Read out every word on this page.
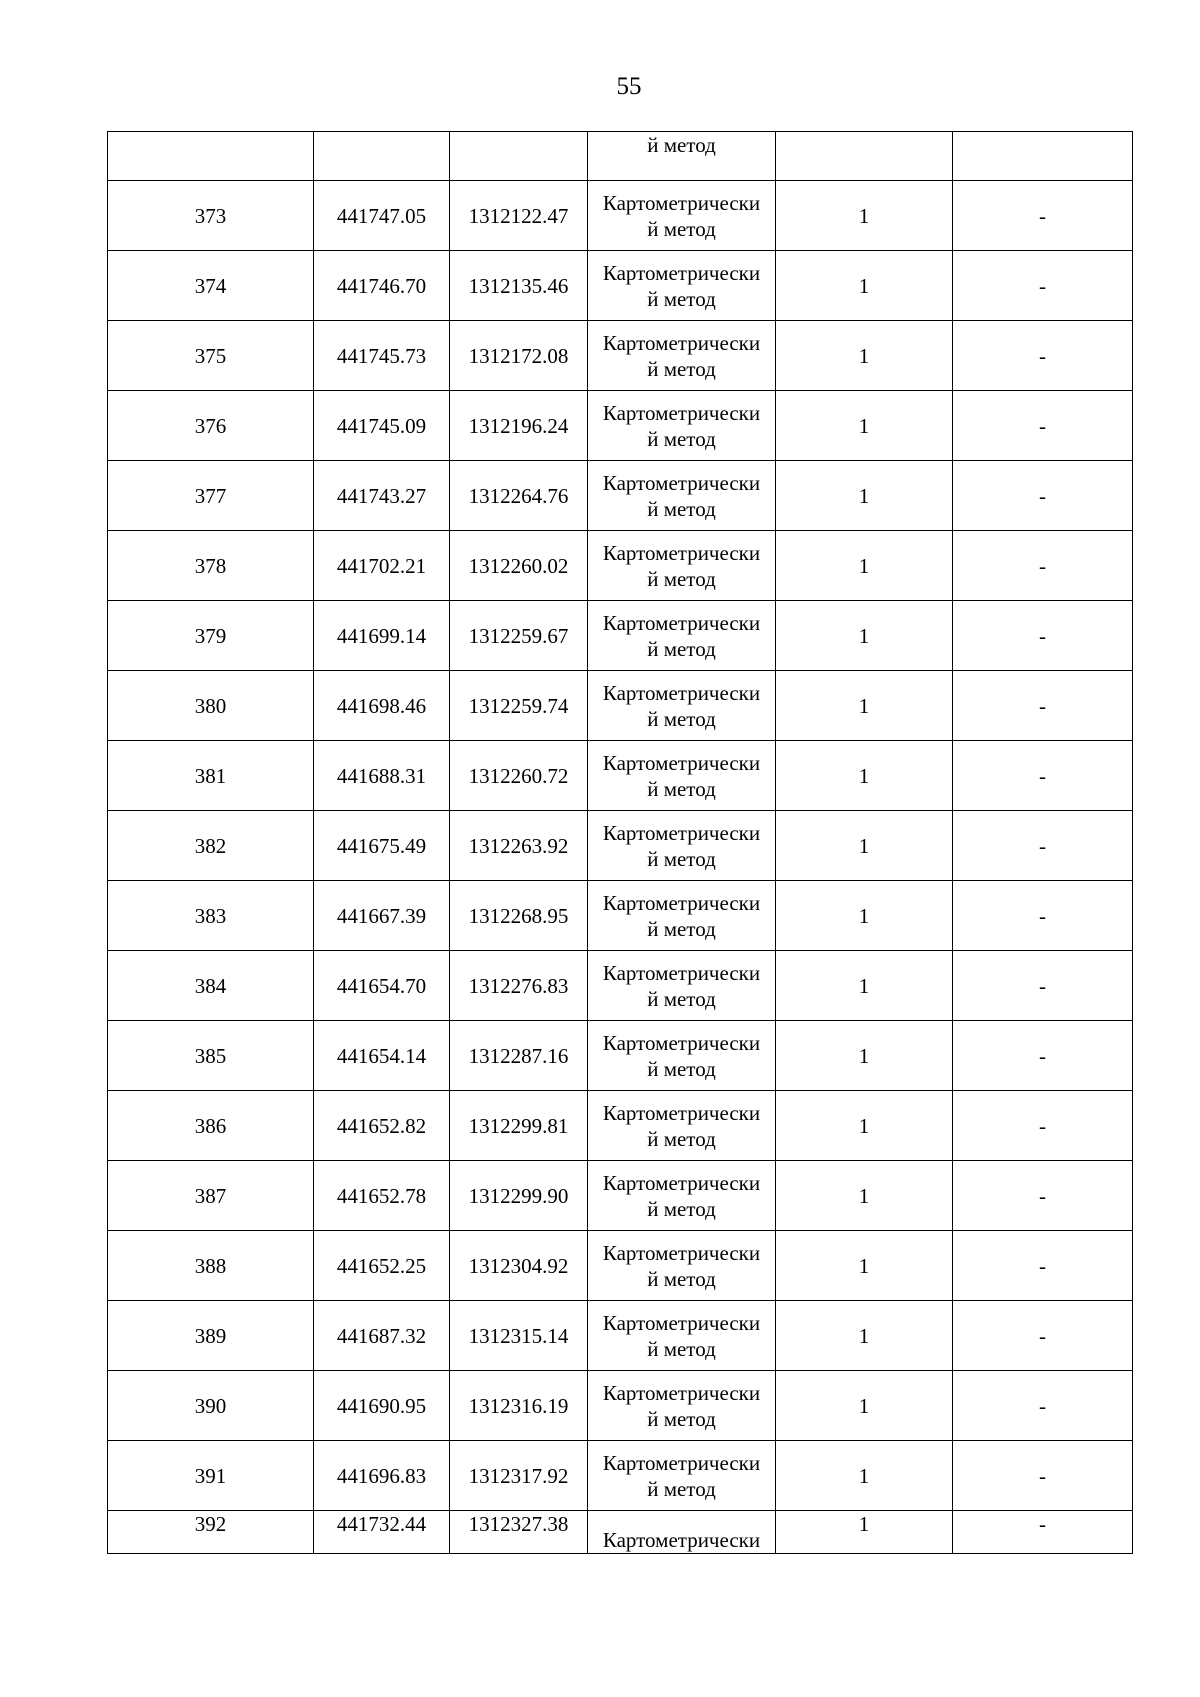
55

			й метод		

373	441747.05	1312122.47	Картометрически
й метод	1	-
374	441746.70	1312135.46	Картометрически
й метод	1	-
375	441745.73	1312172.08	Картометрически
й метод	1	-
376	441745.09	1312196.24	Картометрически
й метод	1	-
377	441743.27	1312264.76	Картометрически
й метод	1	-
378	441702.21	1312260.02	Картометрически
й метод	1	-
379	441699.14	1312259.67	Картометрически
й метод	1	-
380	441698.46	1312259.74	Картометрически
й метод	1	-
381	441688.31	1312260.72	Картометрически
й метод	1	-
382	441675.49	1312263.92	Картометрически
й метод	1	-
383	441667.39	1312268.95	Картометрически
й метод	1	-
384	441654.70	1312276.83	Картометрически
й метод	1	-
385	441654.14	1312287.16	Картометрически
й метод	1	-
386	441652.82	1312299.81	Картометрически
й метод	1	-
387	441652.78	1312299.90	Картометрически
й метод	1	-
388	441652.25	1312304.92	Картометрически
й метод	1	-
389	441687.32	1312315.14	Картометрически
й метод	1	-
390	441690.95	1312316.19	Картометрически
й метод	1	-
391	441696.83	1312317.92	Картометрически
й метод	1	-
392	441732.44	1312327.38	Картометрически	1	-
